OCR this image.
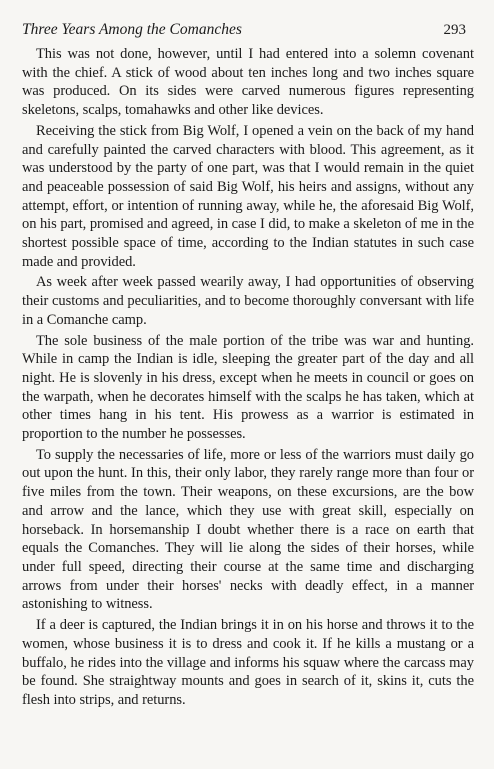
Three Years Among the Comanches	293

This was not done, however, until I had entered into a solemn covenant with the chief. A stick of wood about ten inches long and two inches square was produced. On its sides were carved numerous figures representing skeletons, scalps, tomahawks and other like devices.

Receiving the stick from Big Wolf, I opened a vein on the back of my hand and carefully painted the carved characters with blood. This agreement, as it was understood by the party of one part, was that I would remain in the quiet and peaceable possession of said Big Wolf, his heirs and assigns, without any attempt, effort, or intention of running away, while he, the aforesaid Big Wolf, on his part, promised and agreed, in case I did, to make a skeleton of me in the shortest possible space of time, according to the Indian statutes in such case made and provided.

As week after week passed wearily away, I had opportunities of observing their customs and peculiarities, and to become thoroughly conversant with life in a Comanche camp.

The sole business of the male portion of the tribe was war and hunting. While in camp the Indian is idle, sleeping the greater part of the day and all night. He is slovenly in his dress, except when he meets in council or goes on the warpath, when he decorates himself with the scalps he has taken, which at other times hang in his tent. His prowess as a warrior is estimated in proportion to the number he possesses.

To supply the necessaries of life, more or less of the warriors must daily go out upon the hunt. In this, their only labor, they rarely range more than four or five miles from the town. Their weapons, on these excursions, are the bow and arrow and the lance, which they use with great skill, especially on horseback. In horsemanship I doubt whether there is a race on earth that equals the Comanches. They will lie along the sides of their horses, while under full speed, directing their course at the same time and discharging arrows from under their horses' necks with deadly effect, in a manner astonishing to witness.

If a deer is captured, the Indian brings it in on his horse and throws it to the women, whose business it is to dress and cook it. If he kills a mustang or a buffalo, he rides into the village and informs his squaw where the carcass may be found. She straightway mounts and goes in search of it, skins it, cuts the flesh into strips, and returns.
